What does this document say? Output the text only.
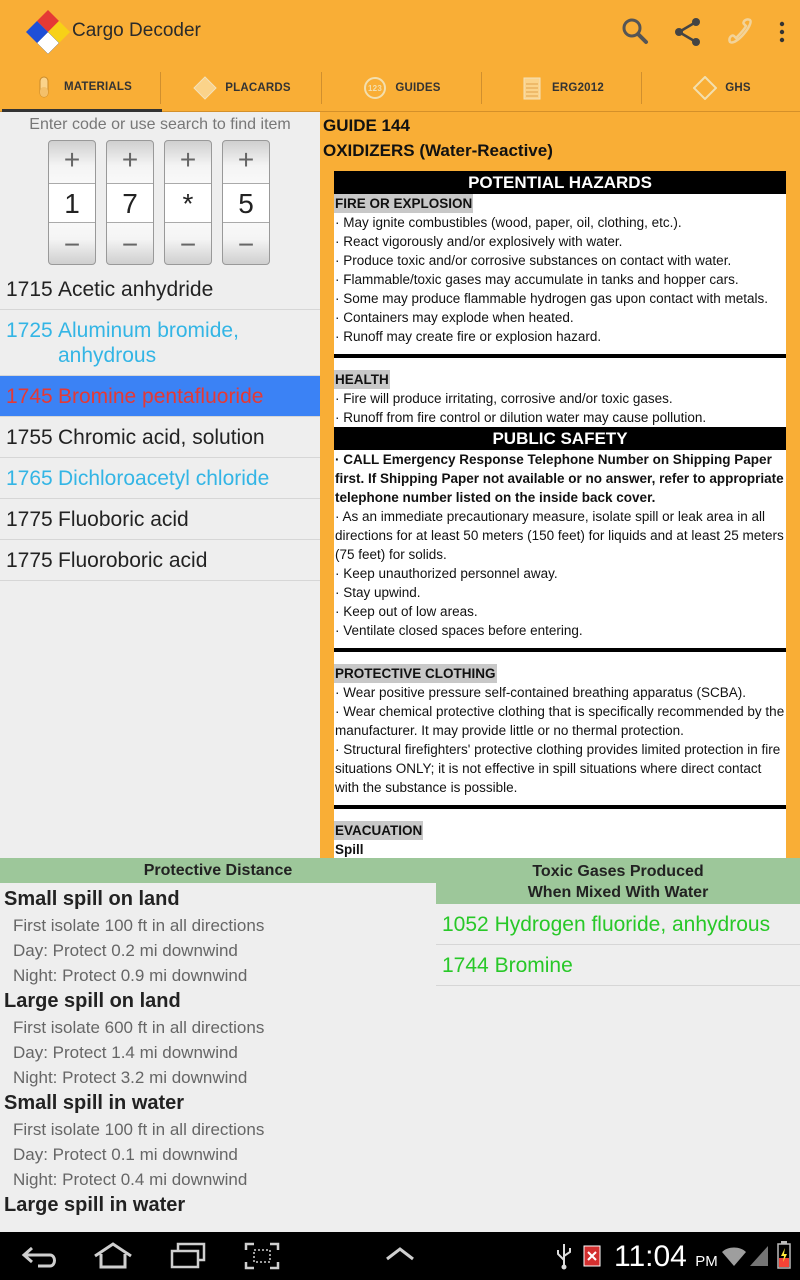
Cargo Decoder
MATERIALS	PLACARDS	123 GUIDES	ERG2012	GHS
Enter code or use search to find item
+
1
−
+
7
−
+
*
−
+
5
−
1715 Acetic anhydride
1725 Aluminum bromide, anhydrous
1745 Bromine pentafluoride
1755 Chromic acid, solution
1765 Dichloroacetyl chloride
1775 Fluoboric acid
1775 Fluoroboric acid
GUIDE 144
OXIDIZERS (Water-Reactive)
POTENTIAL HAZARDS
FIRE OR EXPLOSION

· May ignite combustibles (wood, paper, oil, clothing, etc.).

· React vigorously and/or explosively with water.

· Produce toxic and/or corrosive substances on contact with water.

· Flammable/toxic gases may accumulate in tanks and hopper cars.

· Some may produce flammable hydrogen gas upon contact with metals.

· Containers may explode when heated.

· Runoff may create fire or explosion hazard.

HEALTH

· Fire will produce irritating, corrosive and/or toxic gases.

· Runoff from fire control or dilution water may cause pollution.

PUBLIC SAFETY

· CALL Emergency Response Telephone Number on Shipping Paper first. If Shipping Paper not available or no answer, refer to appropriate telephone number listed on the inside back cover.

· As an immediate precautionary measure, isolate spill or leak area in all directions for at least 50 meters (150 feet) for liquids and at least 25 meters (75 feet) for solids.

· Keep unauthorized personnel away.

· Stay upwind.

· Keep out of low areas.

· Ventilate closed spaces before entering.

PROTECTIVE CLOTHING

· Wear positive pressure self-contained breathing apparatus (SCBA).

· Wear chemical protective clothing that is specifically recommended by the manufacturer. It may provide little or no thermal protection.

· Structural firefighters' protective clothing provides limited protection in fire situations ONLY; it is not effective in spill situations where direct contact with the substance is possible.

EVACUATION

Spill

Protective Distance	Toxic Gases Produced
When Mixed With Water
Small spill on land
First isolate 100 ft in all directions
Day: Protect 0.2 mi downwind
Night: Protect 0.9 mi downwind
Large spill on land
First isolate 600 ft in all directions
Day: Protect 1.4 mi downwind
Night: Protect 3.2 mi downwind
Small spill in water
First isolate 100 ft in all directions
Day: Protect 0.1 mi downwind
Night: Protect 0.4 mi downwind
Large spill in water
1052 Hydrogen fluoride, anhydrous
1744 Bromine
11:04 PM
